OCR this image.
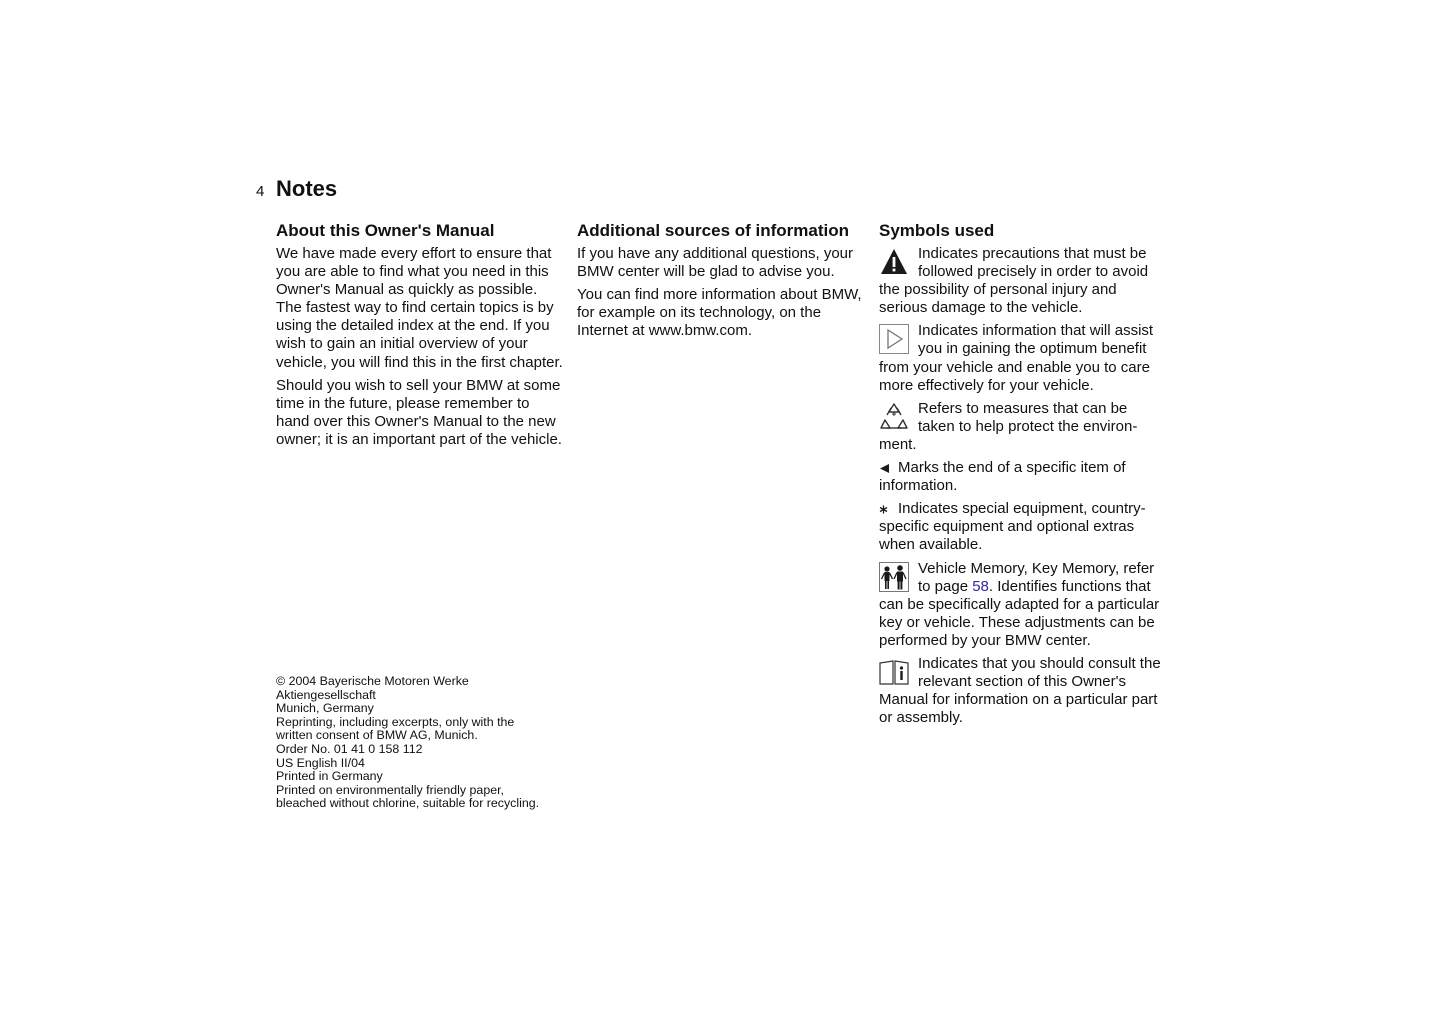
4 Notes
About this Owner's Manual

We have made every effort to ensure that you are able to find what you need in this Owner's Manual as quickly as possible. The fastest way to find certain topics is by using the detailed index at the end. If you wish to gain an initial overview of your vehicle, you will find this in the first chapter.

Should you wish to sell your BMW at some time in the future, please remember to hand over this Owner's Manual to the new owner; it is an important part of the vehicle.

Additional sources of information

If you have any additional questions, your BMW center will be glad to advise you.

You can find more information about BMW, for example on its technology, on the Internet at www.bmw.com.

Symbols used
Indicates precautions that must be followed precisely in order to avoid the possibility of personal injury and serious damage to the vehicle.
Indicates information that will assist you in gaining the optimum benefit from your vehicle and enable you to care more effectively for your vehicle.
Refers to measures that can be taken to help protect the environment.
Marks the end of a specific item of information.
Indicates special equipment, country-specific equipment and optional extras when available.
Vehicle Memory, Key Memory, refer to page 58. Identifies functions that can be specifically adapted for a particular key or vehicle. These adjustments can be performed by your BMW center.
Indicates that you should consult the relevant section of this Owner's Manual for information on a particular part or assembly.
© 2004 Bayerische Motoren Werke
Aktiengesellschaft
Munich, Germany
Reprinting, including excerpts, only with the
written consent of BMW AG, Munich.
Order No. 01 41 0 158 112
US English II/04
Printed in Germany
Printed on environmentally friendly paper,
bleached without chlorine, suitable for recycling.
